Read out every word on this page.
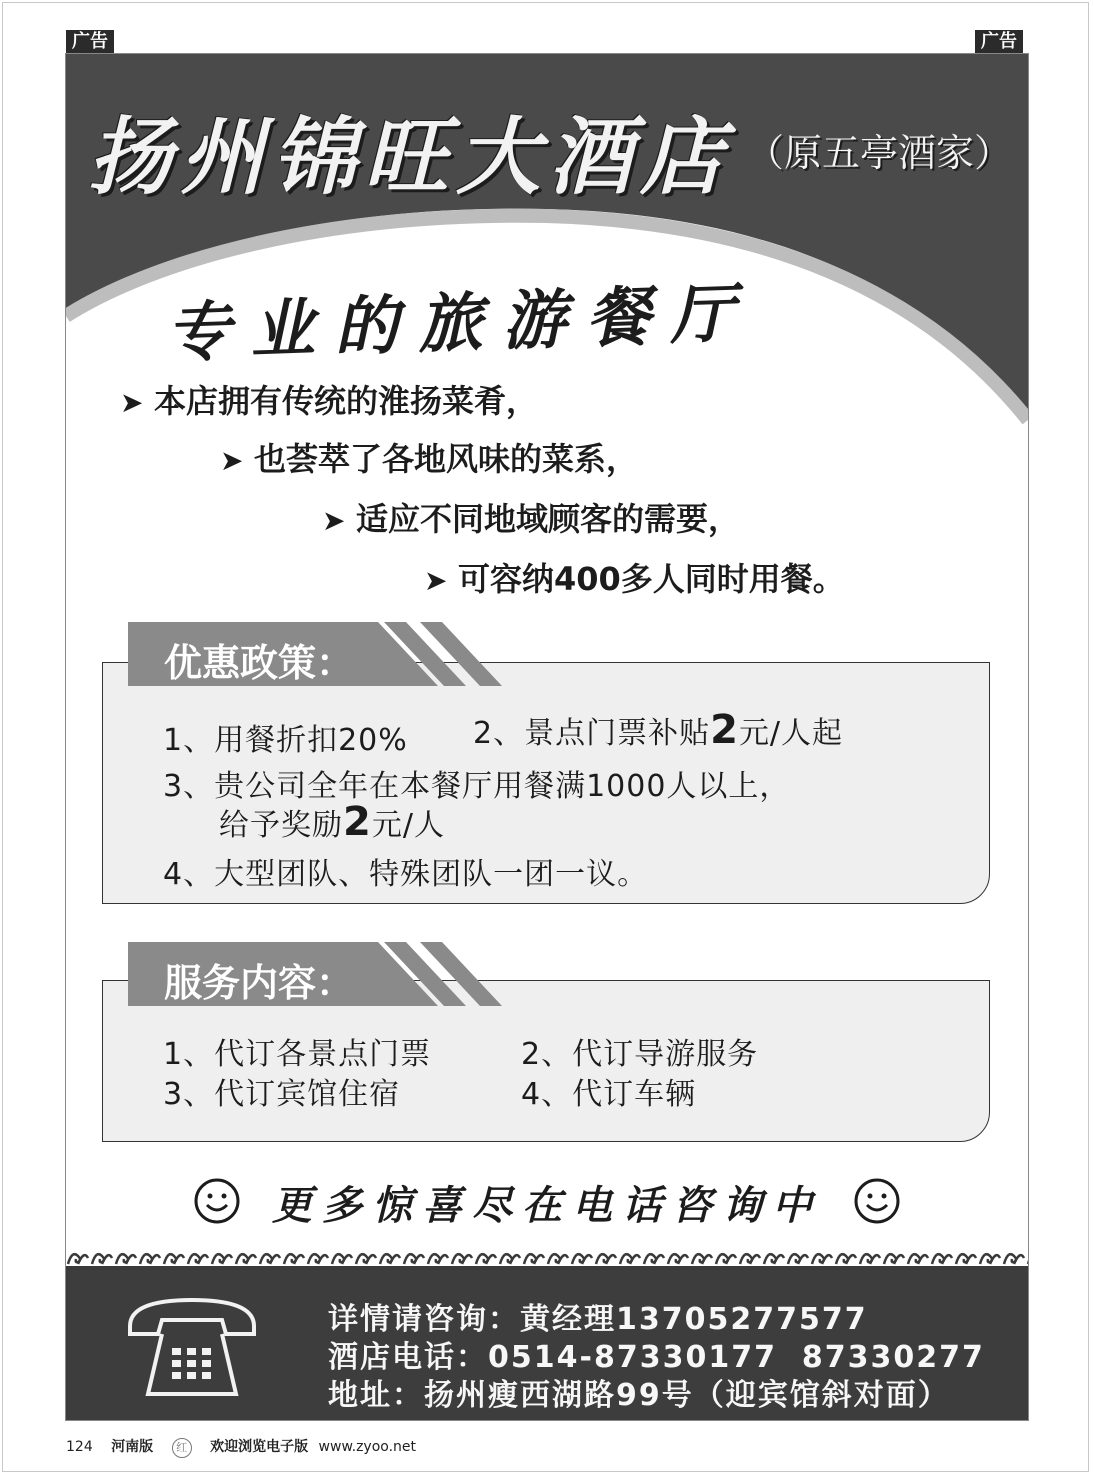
广告	广告
扬州锦旺大酒店 （原五亭酒家）
专业的旅游餐厅
➤ 本店拥有传统的淮扬菜肴，
➤ 也荟萃了各地风味的菜系，
➤ 适应不同地域顾客的需要，
➤ 可容纳400多人同时用餐。
1、用餐折扣20% 2、景点门票补贴2元/人起
3、贵公司全年在本餐厅用餐满1000人以上，
给予奖励2元/人
4、大型团队、特殊团队一团一议。
优惠政策：
1、代订各景点门票	2、代订导游服务
3、代订宾馆住宿	4、代订车辆
服务内容：
更多惊喜尽在电话咨询中
详情请咨询：黄经理13705277577
酒店电话：0514-87330177  87330277
地址：扬州瘦西湖路99号（迎宾馆斜对面）
124 河南版 红 欢迎浏览电子版 www.zyoo.net
